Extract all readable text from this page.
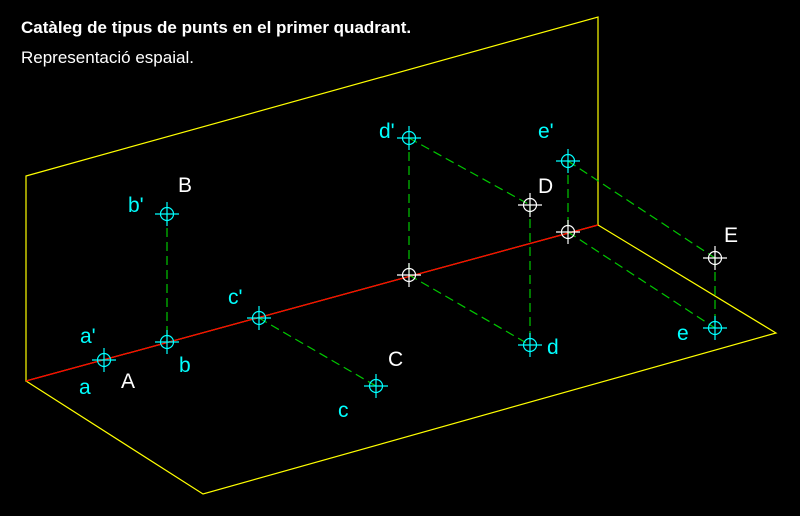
Catàleg de tipus de punts en el primer quadrant.

Representació espaial.

a'
a A
b'
B
b
c'
C
c
d'
D
d
e'
E
e
